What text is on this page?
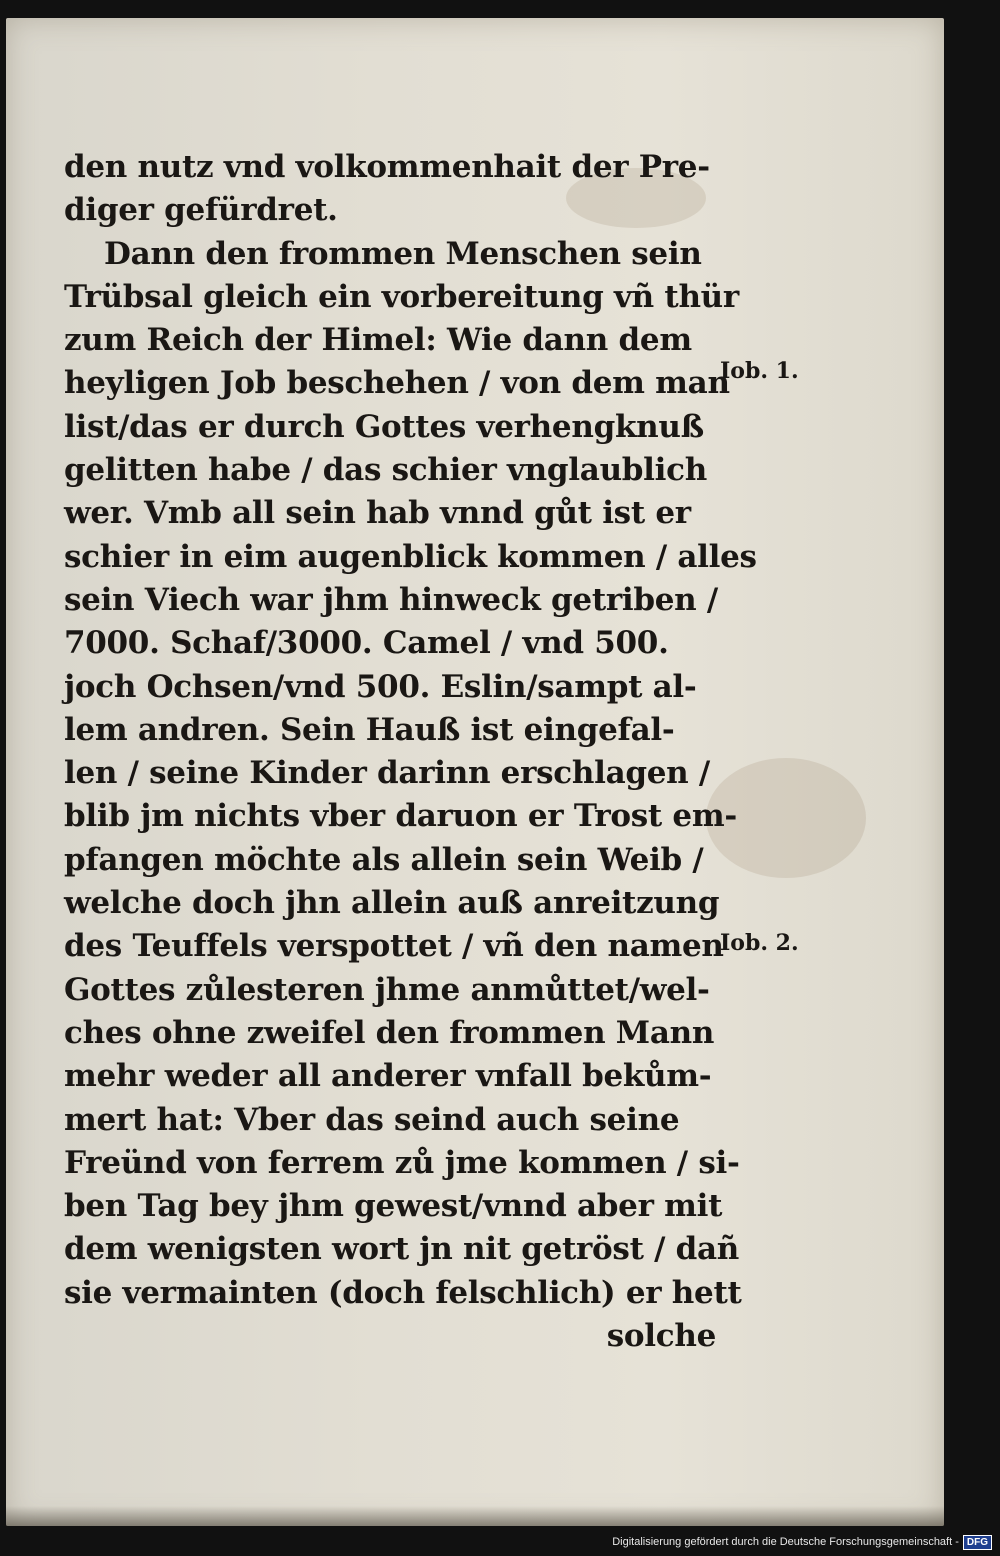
den nutz vnd volkommenhait der Pre-
diger gefürdret.
Dann den frommen Menschen sein
Trübsal gleich ein vorbereitung vñ thür
zum Reich der Himel: Wie dann dem
heyligen Job beschehen / von dem man
list/das er durch Gottes verhengknuß
gelitten habe / das schier vnglaublich
wer. Vmb all sein hab vnnd gůt ist er
schier in eim augenblick kommen / alles
sein Viech war jhm hinweck getriben /
7000. Schaf/3000. Camel / vnd 500.
joch Ochsen/vnd 500. Eslin/sampt al-
lem andren. Sein Hauß ist eingefal-
len / seine Kinder darinn erschlagen /
blib jm nichts vber daruon er Trost em-
pfangen möchte als allein sein Weib /
welche doch jhn allein auß anreitzung
des Teuffels verspottet / vñ den namen
Gottes zůlesteren jhme anmůttet/wel-
ches ohne zweifel den frommen Mann
mehr weder all anderer vnfall bekům-
mert hat: Vber das seind auch seine
Freünd von ferrem zů jme kommen / si-
ben Tag bey jhm gewest/vnnd aber mit
dem wenigsten wort jn nit getröst / dañ
sie vermainten (doch felschlich) er hett
solche
Iob. 1.
Iob. 2.
Digitalisierung gefördert durch die Deutsche Forschungsgemeinschaft - DFG
